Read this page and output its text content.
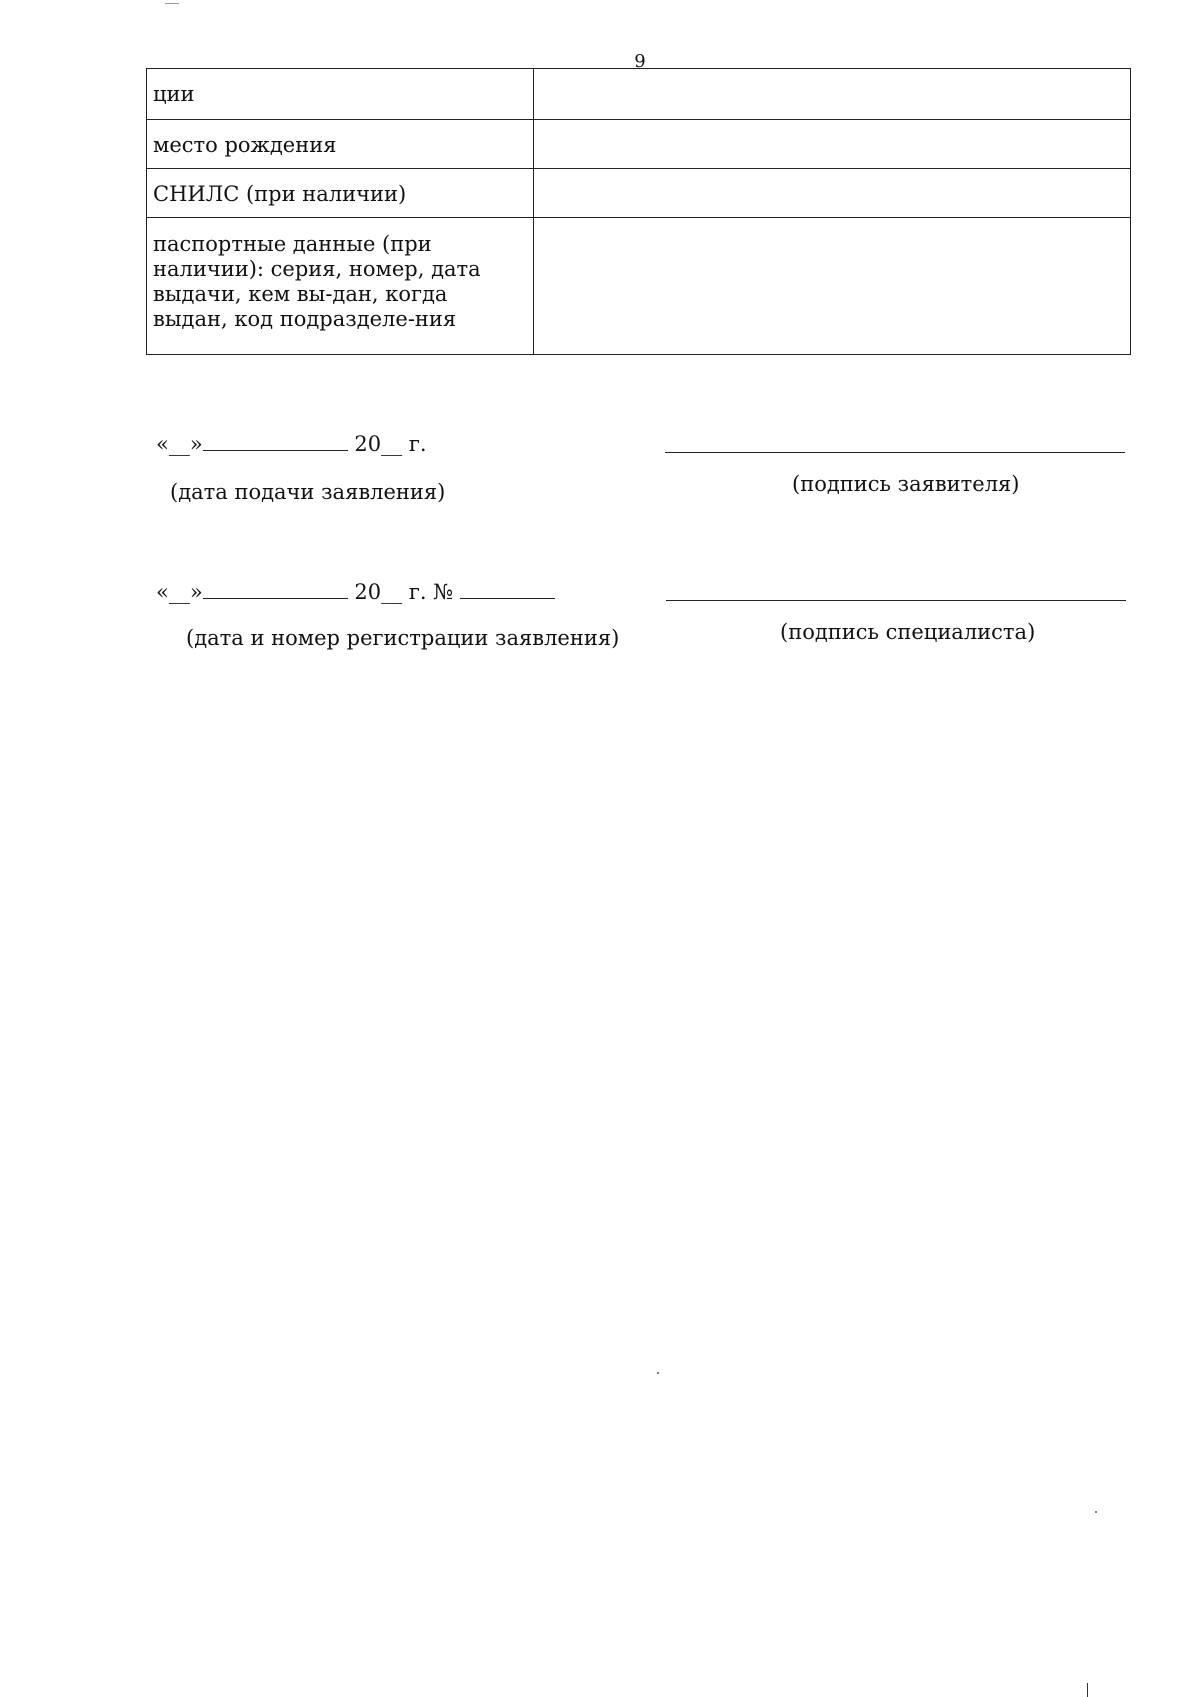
9
ции	
место рождения	
СНИЛС (при наличии)	
паспортные данные (при наличии): серия, номер, дата выдачи, кем вы-дан, когда выдан, код подразделе-ния	
«__»	20__ г.
(дата подачи заявления)	(подпись заявителя)
«__»	20__ г. №
(дата и номер регистрации заявления)	(подпись специалиста)
